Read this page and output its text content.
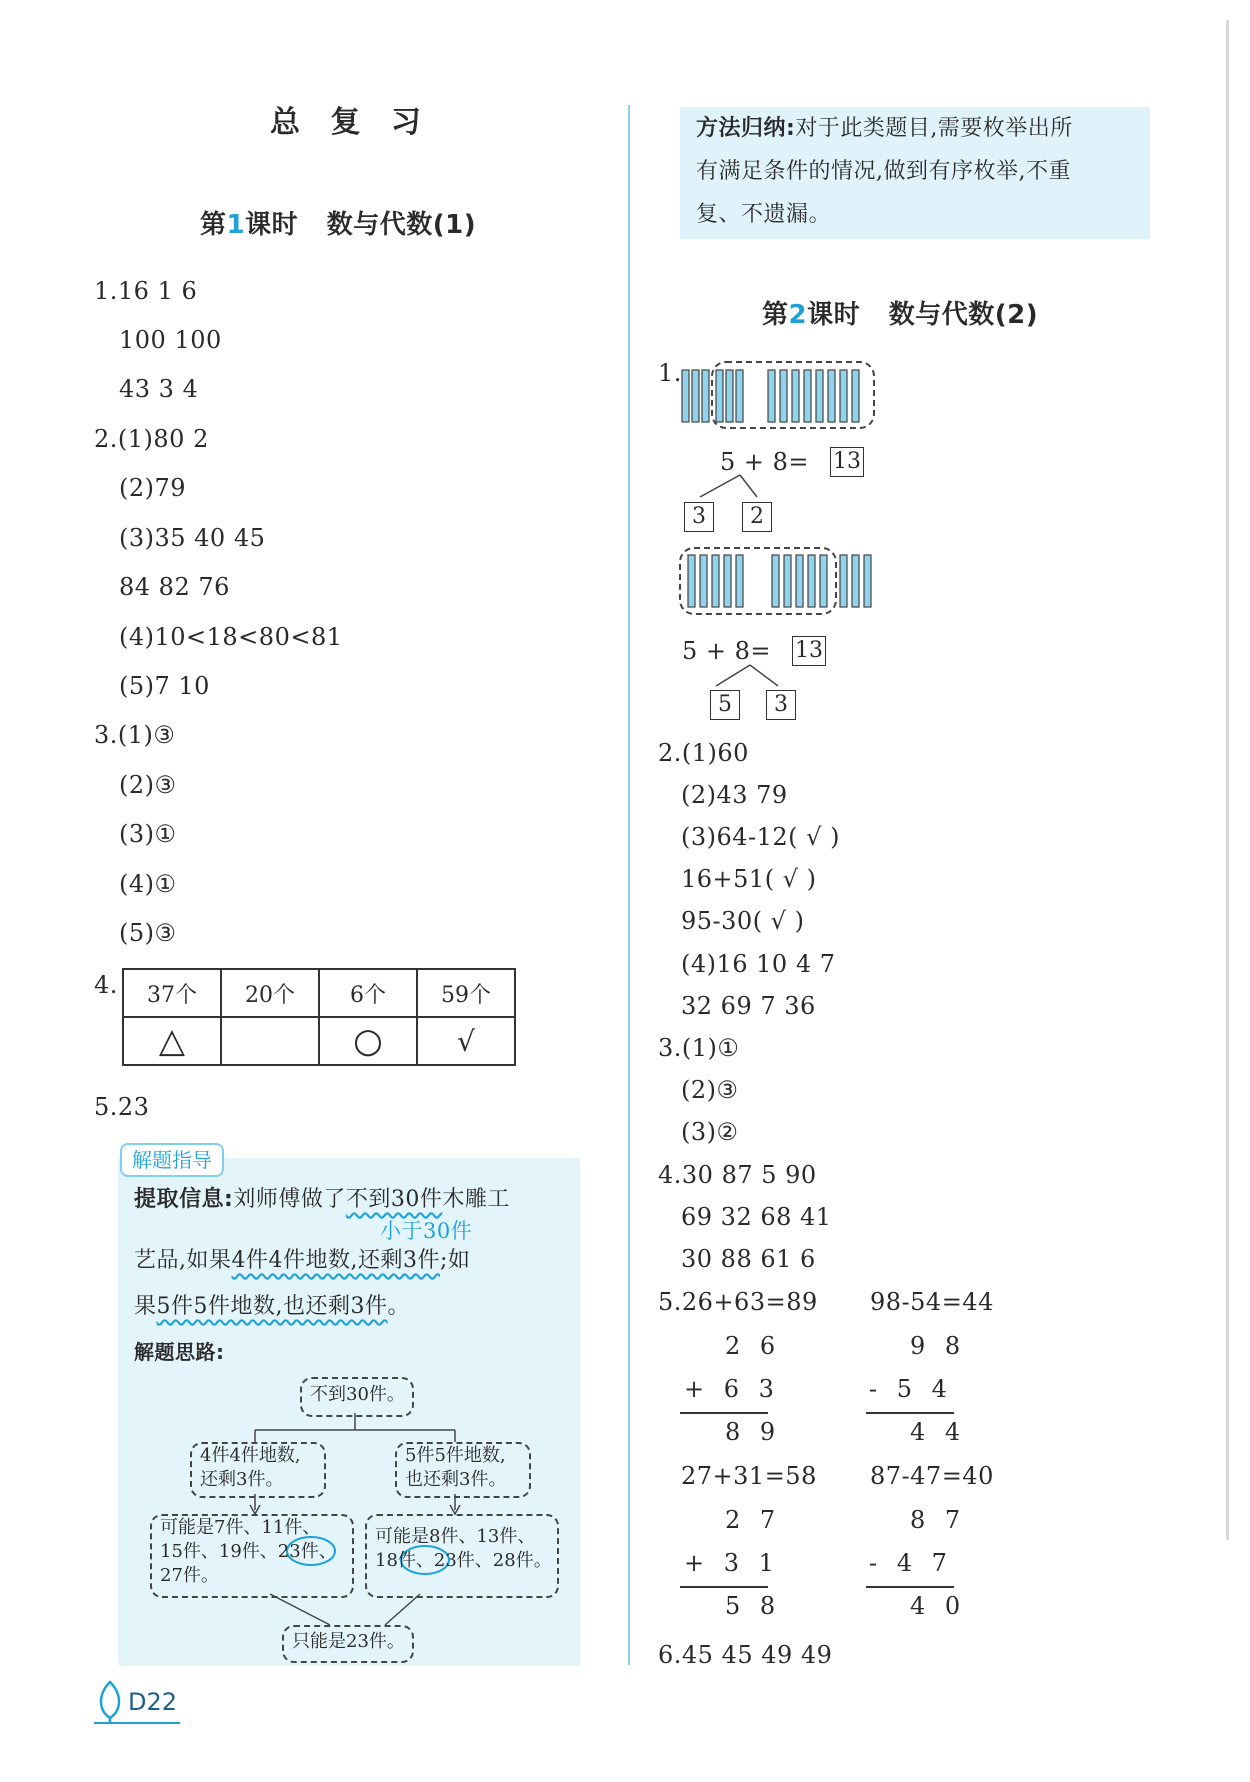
总 复 习
第1课时 数与代数(1)
1.16 1 6
100 100
43 3 4
2.(1)80 2
(2)79
(3)35 40 45
84 82 76
(4)10<18<80<81
(5)7 10
3.(1)③
(2)③
(3)①
(4)①
(5)③
4. 37个	20个	6个	59个
△		○	√
5.23
解题指导
提取信息:刘师傅做了不到30件木雕工
小于30件
艺品,如果4件4件地数,还剩3件;如
果5件5件地数,也还剩3件。
解题思路:
不到30件。
4件4件地数,
还剩3件。
5件5件地数,
也还剩3件。
可能是7件、11件、
15件、19件、23件、
27件。
可能是8件、13件、
18件、23件、28件。
只能是23件。
D22
方法归纳:对于此类题目,需要枚举出所
有满足条件的情况,做到有序枚举,不重
复、不遗漏。
第2课时 数与代数(2)
1.
5 + 8= 13
3	2
5 + 8= 13
5	3
2.(1)60
(2)43 79
(3)64-12( √ )
16+51( √ )
95-30( √ )
(4)16 10 4 7
32 69 7 36
3.(1)①
(2)③
(3)②
4.30 87 5 90
69 32 68 41
30 88 61 6
5.26+63=89 98-54=44
2 6
+ 6 3
8 9
9 8
- 5 4
4 4
27+31=58 87-47=40
2 7
+ 3 1
5 8
8 7
- 4 7
4 0
6.45 45 49 49
